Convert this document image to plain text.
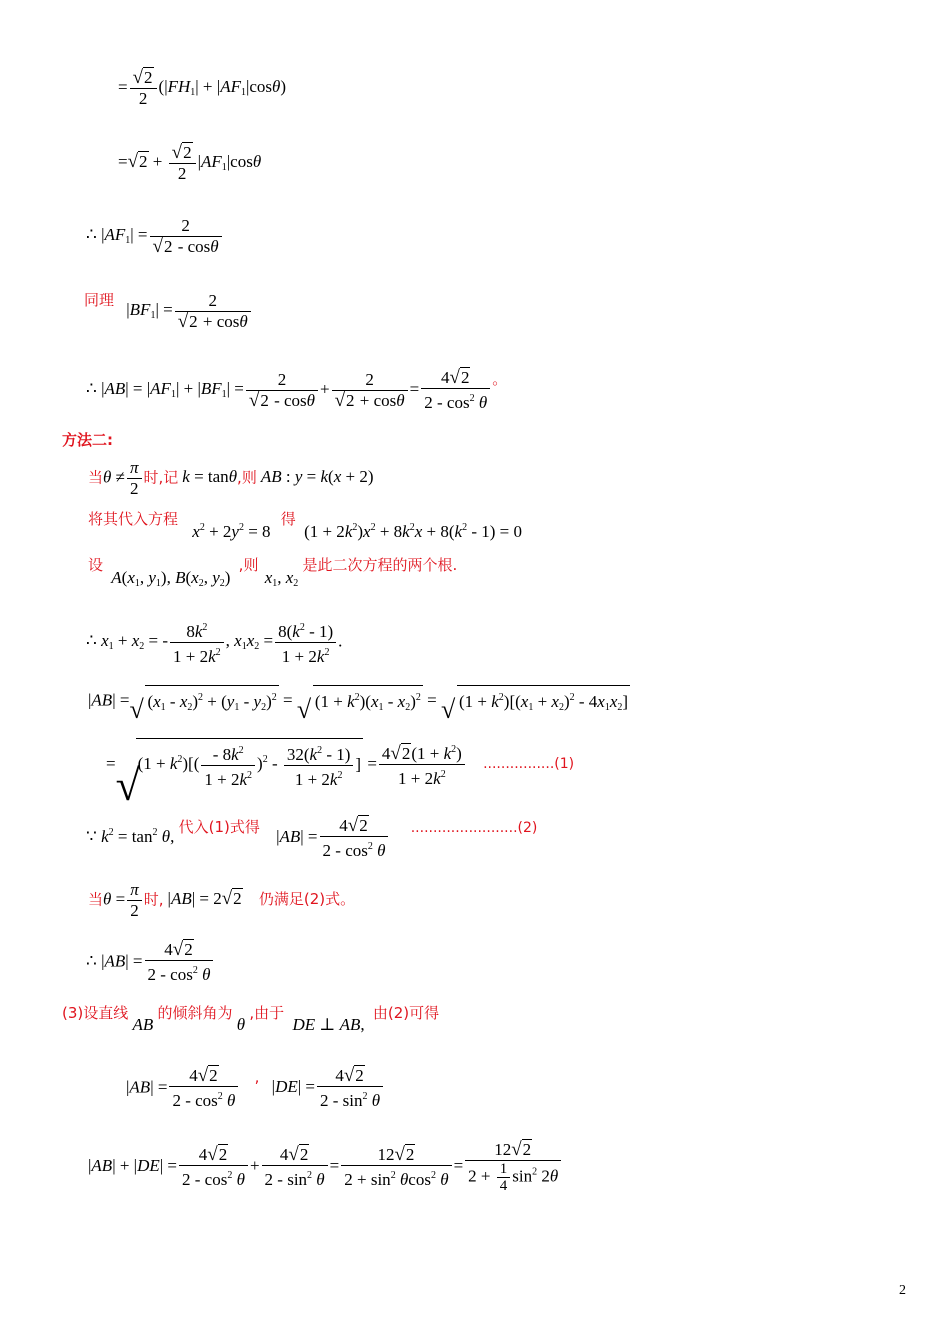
= $\frac{√2}{2} (|FH_1| + |AF_1|\cos\theta)$
$=√2 + \frac{√2}{2} |AF_1|\cos\theta$
∴ $|AF_1| = \frac{2}{√2 - \cos\theta}$
同理 $|BF_1| = \frac{2}{√2 + \cos\theta}$
∴ $|AB| = |AF_1| + |BF_1| = \frac{2}{√2 - \cos\theta} + \frac{2}{√2 + \cos\theta} = \frac{4√2}{2 - \cos^2 \theta}$ 。
方法二:
当$\theta \ne \frac{\pi}{2}$ 时,记 k = tanθ,则 AB : y = k(x + 2)
将其代入方程 $x^2 + 2y^2 = 8$ 得 $(1 + 2k^2)x^2 + 8k^2x + 8(k^2 - 1) = 0$
设 $A(x_1$, $y_1$), $B(x_2$, $y_2$) ,则 $x_1$, $x_2$ 是此二次方程的两个根.
∴ $x_1 + x_2$ = - $\frac{8k^2}{1 + 2k^2}$ , $x_1x_2 = \frac{8(k^2 - 1)}{1 + 2k^2}$ .
|AB| = √ $(x_1 - x_2)^2 + (y_1 - y_2)^2$ = √ $(1 + k^2)(x_1 - x_2)^2$ = √ $(1 + k^2)[(x_1 + x_2)^2 - 4x_1x_2]$
= √
$(1 + k^2)[( \frac{- 8k^2}{1 + 2k^2} )^2 - \frac{32(k^2 - 1)}{1 + 2k^2}$ ] = $\frac{4√2(1 + k^2)}{1 + 2k^2} ................(1)$
∵ $k^2 = \tan^2 \theta$, 代入(1)式得 $|AB| = \frac{4√2}{2 - \cos^2 \theta} ^{........................(2)}$
当$\theta = \frac{\pi}{2}$ 时, |AB| = 2√2 仍满足(2)式。
∴ $|AB| = \frac{4√2}{2 - \cos^2 \theta}$
(3)设直线 AB 的倾斜角为 θ ,由于 DE ⊥ AB, 由(2)可得
$|AB| = \frac{4√2}{2 - \cos^2 \theta}$ , $|DE| = \frac{4√2}{2 - \sin^2 \theta}$
$|AB| + |DE| = \frac{4√2}{2 - \cos^2 \theta} + \frac{4√2}{2 - \sin^2 \theta} = \frac{12√2}{2 + \sin^2 \theta\cos^2 \theta} = \frac{12√2}{2 + \frac{1}{4} \sin^2 2\theta}$
2
